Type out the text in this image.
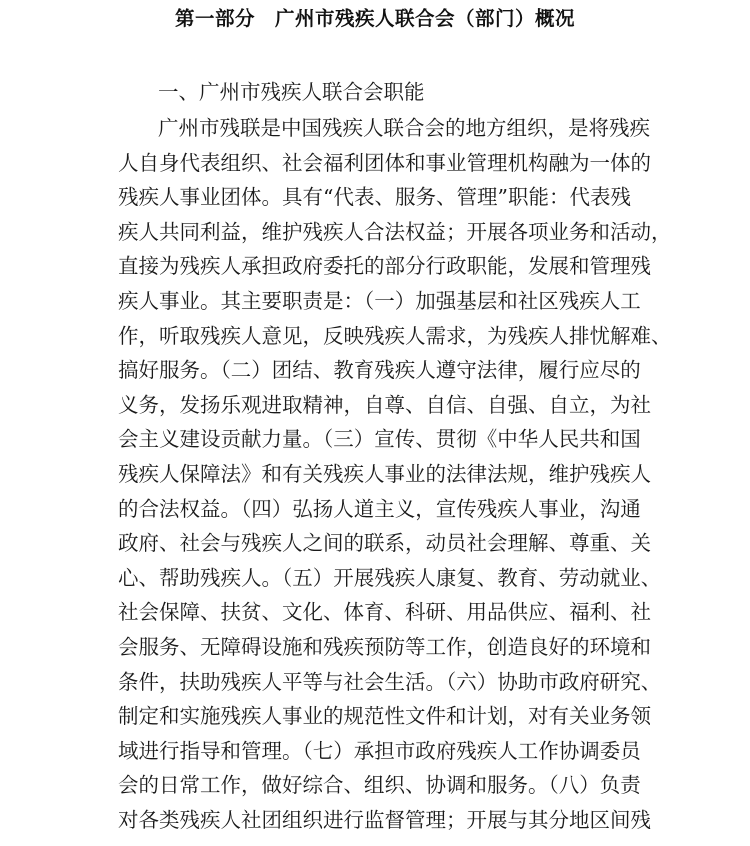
第一部分　广州市残疾人联合会（部门）概况
一、广州市残疾人联合会职能
广州市残联是中国残疾人联合会的地方组织，是将残疾
人自身代表组织、社会福利团体和事业管理机构融为一体的
残疾人事业团体。具有“代表、服务、管理”职能：代表残
疾人共同利益，维护残疾人合法权益；开展各项业务和活动，
直接为残疾人承担政府委托的部分行政职能，发展和管理残
疾人事业。其主要职责是：（一）加强基层和社区残疾人工
作，听取残疾人意见，反映残疾人需求，为残疾人排忧解难、
搞好服务。（二）团结、教育残疾人遵守法律，履行应尽的
义务，发扬乐观进取精神，自尊、自信、自强、自立，为社
会主义建设贡献力量。（三）宣传、贯彻《中华人民共和国
残疾人保障法》和有关残疾人事业的法律法规，维护残疾人
的合法权益。（四）弘扬人道主义，宣传残疾人事业，沟通
政府、社会与残疾人之间的联系，动员社会理解、尊重、关
心、帮助残疾人。（五）开展残疾人康复、教育、劳动就业、
社会保障、扶贫、文化、体育、科研、用品供应、福利、社
会服务、无障碍设施和残疾预防等工作，创造良好的环境和
条件，扶助残疾人平等与社会生活。（六）协助市政府研究、
制定和实施残疾人事业的规范性文件和计划，对有关业务领
域进行指导和管理。（七）承担市政府残疾人工作协调委员
会的日常工作，做好综合、组织、协调和服务。（八）负责
对各类残疾人社团组织进行监督管理；开展与其分地区间残
